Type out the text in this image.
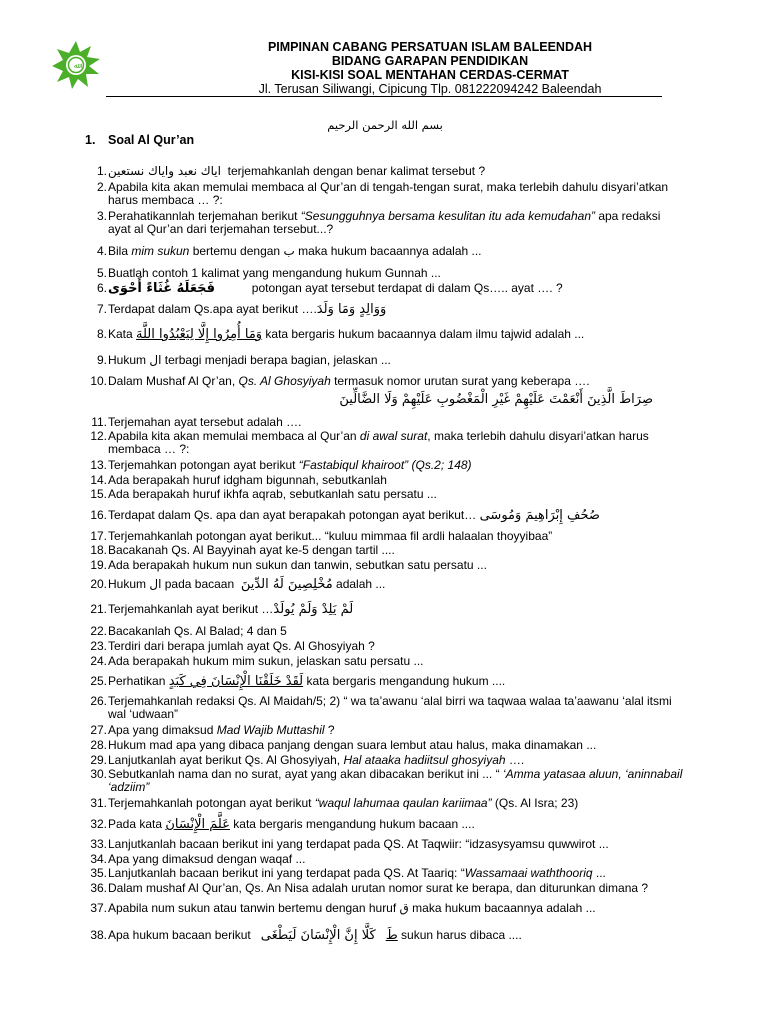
ﷲ
PIMPINAN CABANG PERSATUAN ISLAM BALEENDAH
BIDANG GARAPAN PENDIDIKAN
KISI-KISI SOAL MENTAHAN CERDAS-CERMAT
Jl. Terusan Siliwangi, Cipicung Tlp. 081222094242 Baleendah
بسم الله الرحمن الرحيم
1. Soal Al Qur’an
1. اياك نعبد واياك نستعين terjemahkanlah dengan benar kalimat tersebut ?
2. Apabila kita akan memulai membaca al Qur’an di tengah-tengan surat, maka terlebih dahulu disyari’atkan harus membaca … ?:
3. Perahatikannlah terjemahan berikut “Sesungguhnya bersama kesulitan itu ada kemudahan” apa redaksi ayat al Qur’an dari terjemahan tersebut...?
4. Bila mim sukun bertemu dengan ب maka hukum bacaannya adalah ...
5. Buatlah contoh 1 kalimat yang mengandung hukum Gunnah ...
6. فَجَعَلَهُ غُثَاءً أَحْوَى	potongan ayat tersebut terdapat di dalam Qs….. ayat …. ?
7. Terdapat dalam Qs.apa ayat berikut ….وَوَالِدٍ وَمَا وَلَدَ
8. Kata وَمَا أُمِرُوا إِلَّا لِيَعْبُدُوا اللَّهَ kata bergaris hukum bacaannya dalam ilmu tajwid adalah ...
9. Hukum ال terbagi menjadi berapa bagian, jelaskan ...
10. Dalam Mushaf Al Qr’an, Qs. Al Ghosyiyah termasuk nomor urutan surat yang keberapa ….
صِرَاطَ الَّذِينَ أَنْعَمْتَ عَلَيْهِمْ غَيْرِ الْمَغْضُوبِ عَلَيْهِمْ وَلَا الضَّالِّينَ
11. Terjemahan ayat tersebut adalah ….
12. Apabila kita akan memulai membaca al Qur’an di awal surat, maka terlebih dahulu disyari’atkan harus membaca … ?:
13. Terjemahkan potongan ayat berikut “Fastabiqul khairoot” (Qs.2; 148)
14. Ada berapakah huruf idgham bigunnah, sebutkanlah
15. Ada berapakah huruf ikhfa aqrab, sebutkanlah satu persatu ...
16. Terdapat dalam Qs. apa dan ayat berapakah potongan ayat berikut… صُحُفِ إِبْرَاهِيمَ وَمُوسَى
17. Terjemahkanlah potongan ayat berikut... “kuluu mimmaa fil ardli halaalan thoyyibaa”
18. Bacakanah Qs. Al Bayyinah ayat ke-5 dengan tartil ....
19. Ada berapakah hukum nun sukun dan tanwin, sebutkan satu persatu ...
20. Hukum ال pada bacaan  مُخْلِصِينَ لَهُ الدِّينَ adalah ...
21. Terjemahkanlah ayat berikut …لَمْ يَلِدْ وَلَمْ يُولَدْ
22. Bacakanlah Qs. Al Balad; 4 dan 5
23. Terdiri dari berapa jumlah ayat Qs. Al Ghosyiyah ?
24. Ada berapakah hukum mim sukun, jelaskan satu persatu ...
25. Perhatikan لَقَدْ خَلَقْنَا الْإِنْسَانَ فِي كَبَدٍ kata bergaris mengandung hukum ....
26. Terjemahkanlah redaksi Qs. Al Maidah/5; 2) “ wa ta’awanu ‘alal birri wa taqwaa walaa ta’aawanu ‘alal itsmi wal ‘udwaan”
27. Apa yang dimaksud Mad Wajib Muttashil ?
28. Hukum mad apa yang dibaca panjang dengan suara lembut atau halus, maka dinamakan ...
29. Lanjutkanlah ayat berikut Qs. Al Ghosyiyah, Hal ataaka hadiitsul ghosyiyah ….
30. Sebutkanlah nama dan no surat, ayat yang akan dibacakan berikut ini ... “ ‘Amma yatasaa aluun, ‘aninnabail ‘adziim”
31. Terjemahkanlah potongan ayat berikut “waqul lahumaa qaulan kariimaa” (Qs. Al Isra; 23)
32. Pada kata عَلَّمَ الْإِنْسَانَ kata bergaris mengandung hukum bacaan ....
33. Lanjutkanlah bacaan berikut ini yang terdapat pada QS. At Taqwiir: “idzasysyamsu quwwirot ...
34. Apa yang dimaksud dengan waqaf ...
35. Lanjutkanlah bacaan berikut ini yang terdapat pada QS. At Taariq: “Wassamaai waththooriq ...
36. Dalam mushaf Al Qur’an, Qs. An Nisa adalah urutan nomor surat ke berapa, dan diturunkan dimana ?
37. Apabila num sukun atau tanwin bertemu dengan huruf ق maka hukum bacaannya adalah ...
38. Apa hukum bacaan berikut   كَلَّا إِنَّ الْإِنْسَانَ لَيَطْغَى طَ sukun harus dibaca ....
